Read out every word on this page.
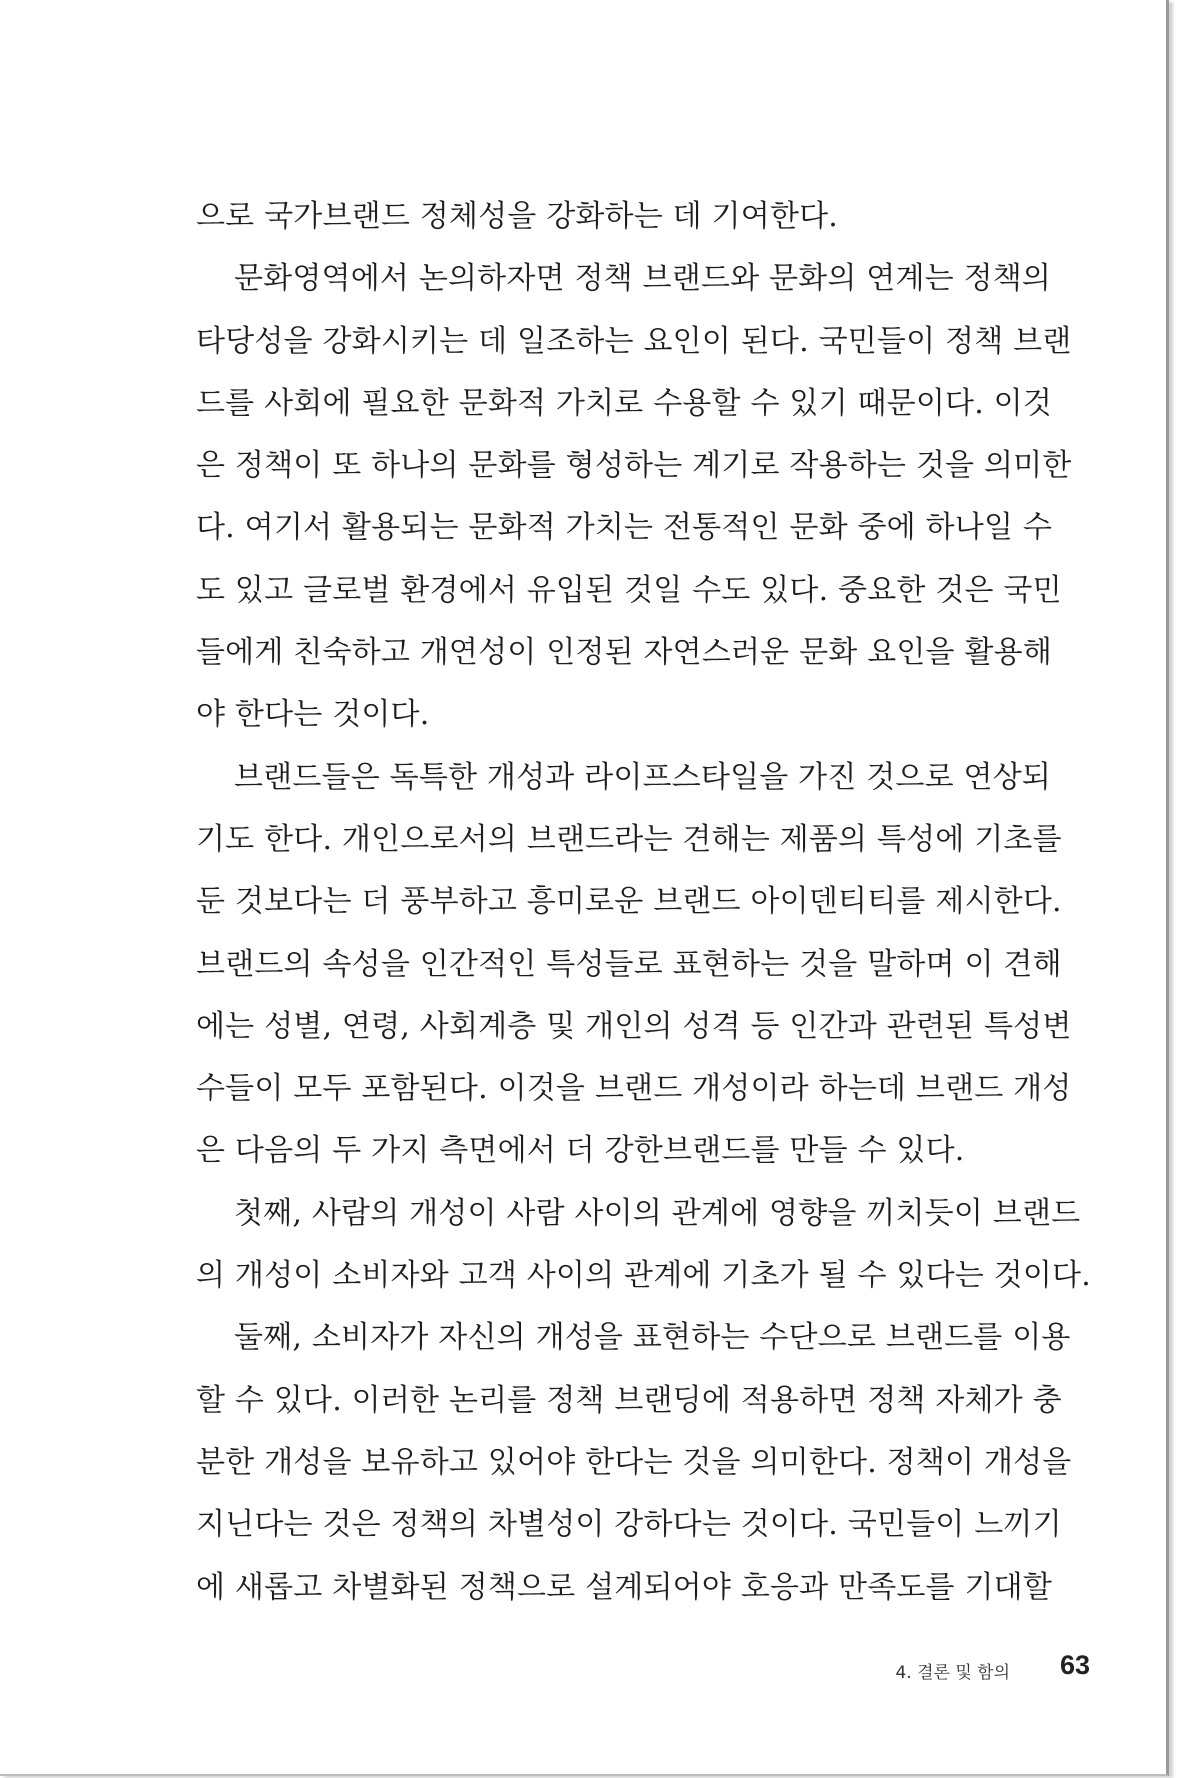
으로 국가브랜드 정체성을 강화하는 데 기여한다.
문화영역에서 논의하자면 정책 브랜드와 문화의 연계는 정책의
타당성을 강화시키는 데 일조하는 요인이 된다. 국민들이 정책 브랜
드를 사회에 필요한 문화적 가치로 수용할 수 있기 때문이다. 이것
은 정책이 또 하나의 문화를 형성하는 계기로 작용하는 것을 의미한
다. 여기서 활용되는 문화적 가치는 전통적인 문화 중에 하나일 수
도 있고 글로벌 환경에서 유입된 것일 수도 있다. 중요한 것은 국민
들에게 친숙하고 개연성이 인정된 자연스러운 문화 요인을 활용해
야 한다는 것이다.
브랜드들은 독특한 개성과 라이프스타일을 가진 것으로 연상되
기도 한다. 개인으로서의 브랜드라는 견해는 제품의 특성에 기초를
둔 것보다는 더 풍부하고 흥미로운 브랜드 아이덴티티를 제시한다.
브랜드의 속성을 인간적인 특성들로 표현하는 것을 말하며 이 견해
에는 성별, 연령, 사회계층 및 개인의 성격 등 인간과 관련된 특성변
수들이 모두 포함된다. 이것을 브랜드 개성이라 하는데 브랜드 개성
은 다음의 두 가지 측면에서 더 강한브랜드를 만들 수 있다.
첫째, 사람의 개성이 사람 사이의 관계에 영향을 끼치듯이 브랜드
의 개성이 소비자와 고객 사이의 관계에 기초가 될 수 있다는 것이다.
둘째, 소비자가 자신의 개성을 표현하는 수단으로 브랜드를 이용
할 수 있다. 이러한 논리를 정책 브랜딩에 적용하면 정책 자체가 충
분한 개성을 보유하고 있어야 한다는 것을 의미한다. 정책이 개성을
지닌다는 것은 정책의 차별성이 강하다는 것이다. 국민들이 느끼기
에 새롭고 차별화된 정책으로 설계되어야 호응과 만족도를 기대할
4. 결론 및 함의 63
